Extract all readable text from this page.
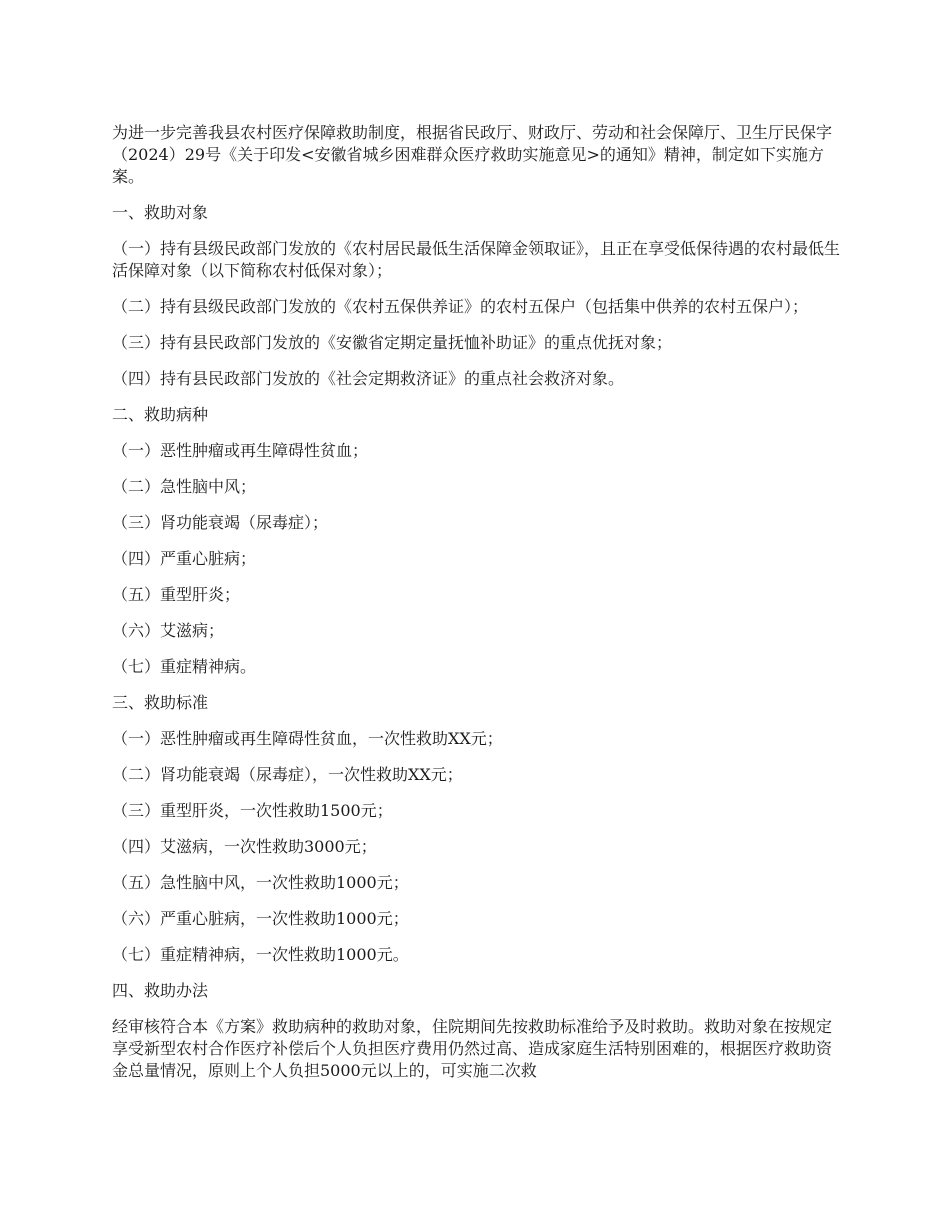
为进一步完善我县农村医疗保障救助制度，根据省民政厅、财政厅、劳动和社会保障厅、卫生厅民保字（2024）29号《关于印发<安徽省城乡困难群众医疗救助实施意见>的通知》精神，制定如下实施方案。

一、救助对象

（一）持有县级民政部门发放的《农村居民最低生活保障金领取证》，且正在享受低保待遇的农村最低生活保障对象（以下简称农村低保对象）；

（二）持有县级民政部门发放的《农村五保供养证》的农村五保户（包括集中供养的农村五保户）；

（三）持有县民政部门发放的《安徽省定期定量抚恤补助证》的重点优抚对象；

（四）持有县民政部门发放的《社会定期救济证》的重点社会救济对象。

二、救助病种

（一）恶性肿瘤或再生障碍性贫血；

（二）急性脑中风；

（三）肾功能衰竭（尿毒症）；

（四）严重心脏病；

（五）重型肝炎；

（六）艾滋病；

（七）重症精神病。

三、救助标准

（一）恶性肿瘤或再生障碍性贫血，一次性救助XX元；

（二）肾功能衰竭（尿毒症），一次性救助XX元；

（三）重型肝炎，一次性救助1500元；

（四）艾滋病，一次性救助3000元；

（五）急性脑中风，一次性救助1000元；

（六）严重心脏病，一次性救助1000元；

（七）重症精神病，一次性救助1000元。

四、救助办法

经审核符合本《方案》救助病种的救助对象，住院期间先按救助标准给予及时救助。救助对象在按规定享受新型农村合作医疗补偿后个人负担医疗费用仍然过高、造成家庭生活特别困难的，根据医疗救助资金总量情况，原则上个人负担5000元以上的，可实施二次救
